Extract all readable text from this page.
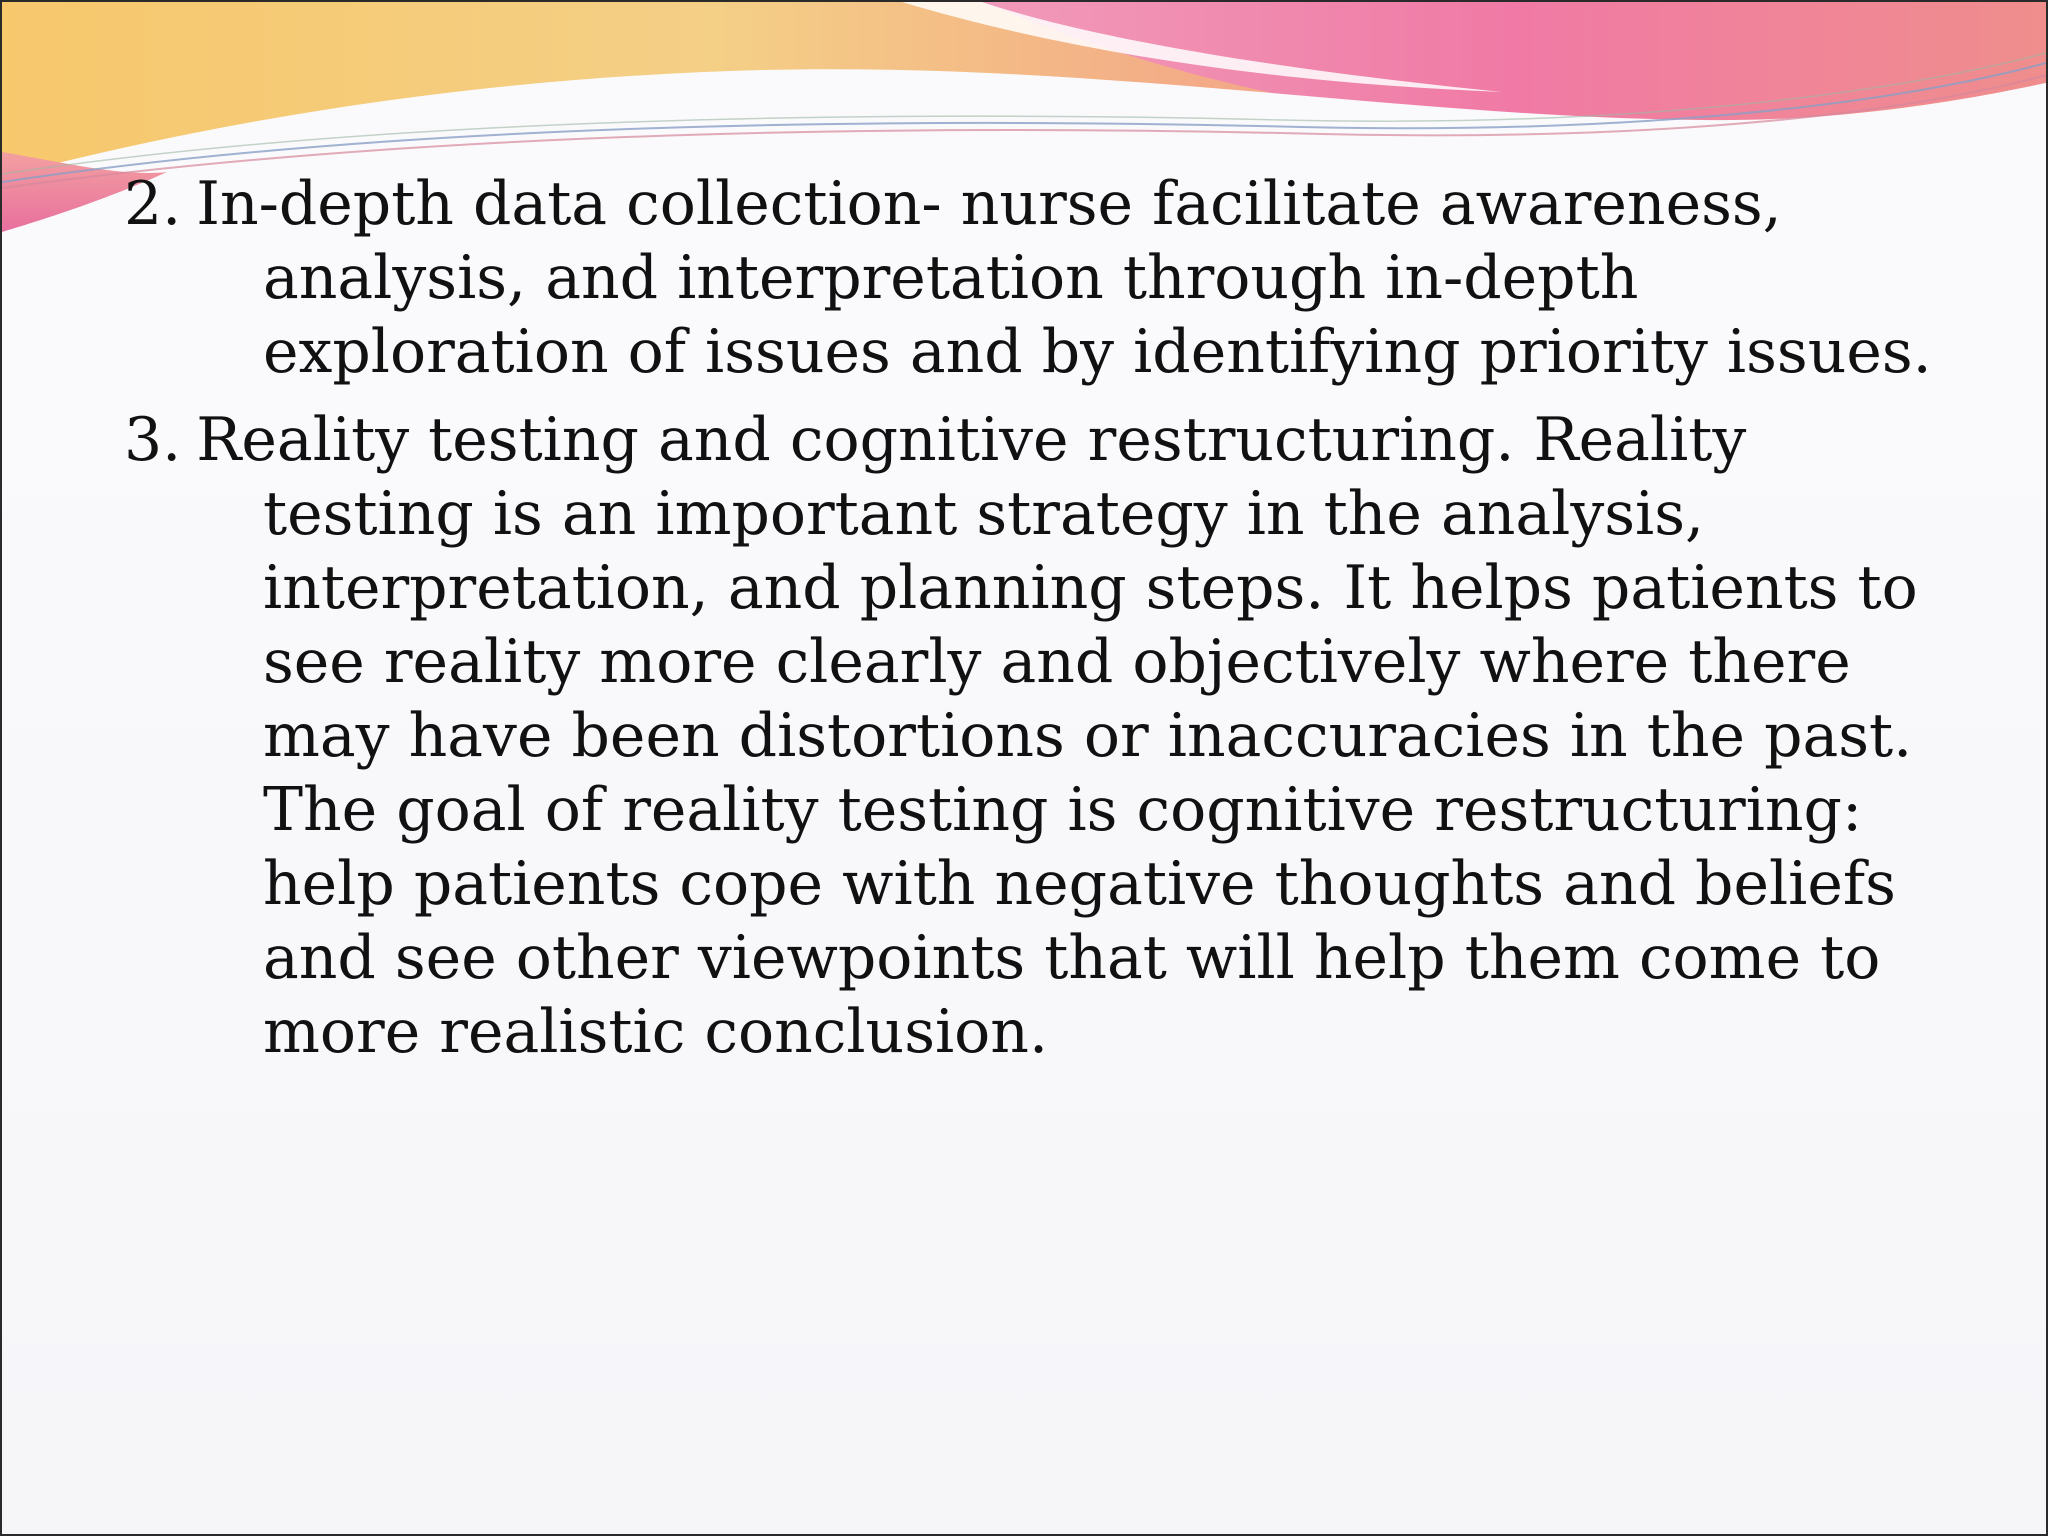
2. In-depth data collection- nurse facilitate awareness, analysis, and interpretation through in-depth exploration of issues and by identifying priority issues.

3. Reality testing and cognitive restructuring. Reality testing is an important strategy in the analysis, interpretation, and planning steps. It helps patients to see reality more clearly and objectively where there may have been distortions or inaccuracies in the past. The goal of reality testing is cognitive restructuring: help patients cope with negative thoughts and beliefs and see other viewpoints that will help them come to more realistic conclusion.
